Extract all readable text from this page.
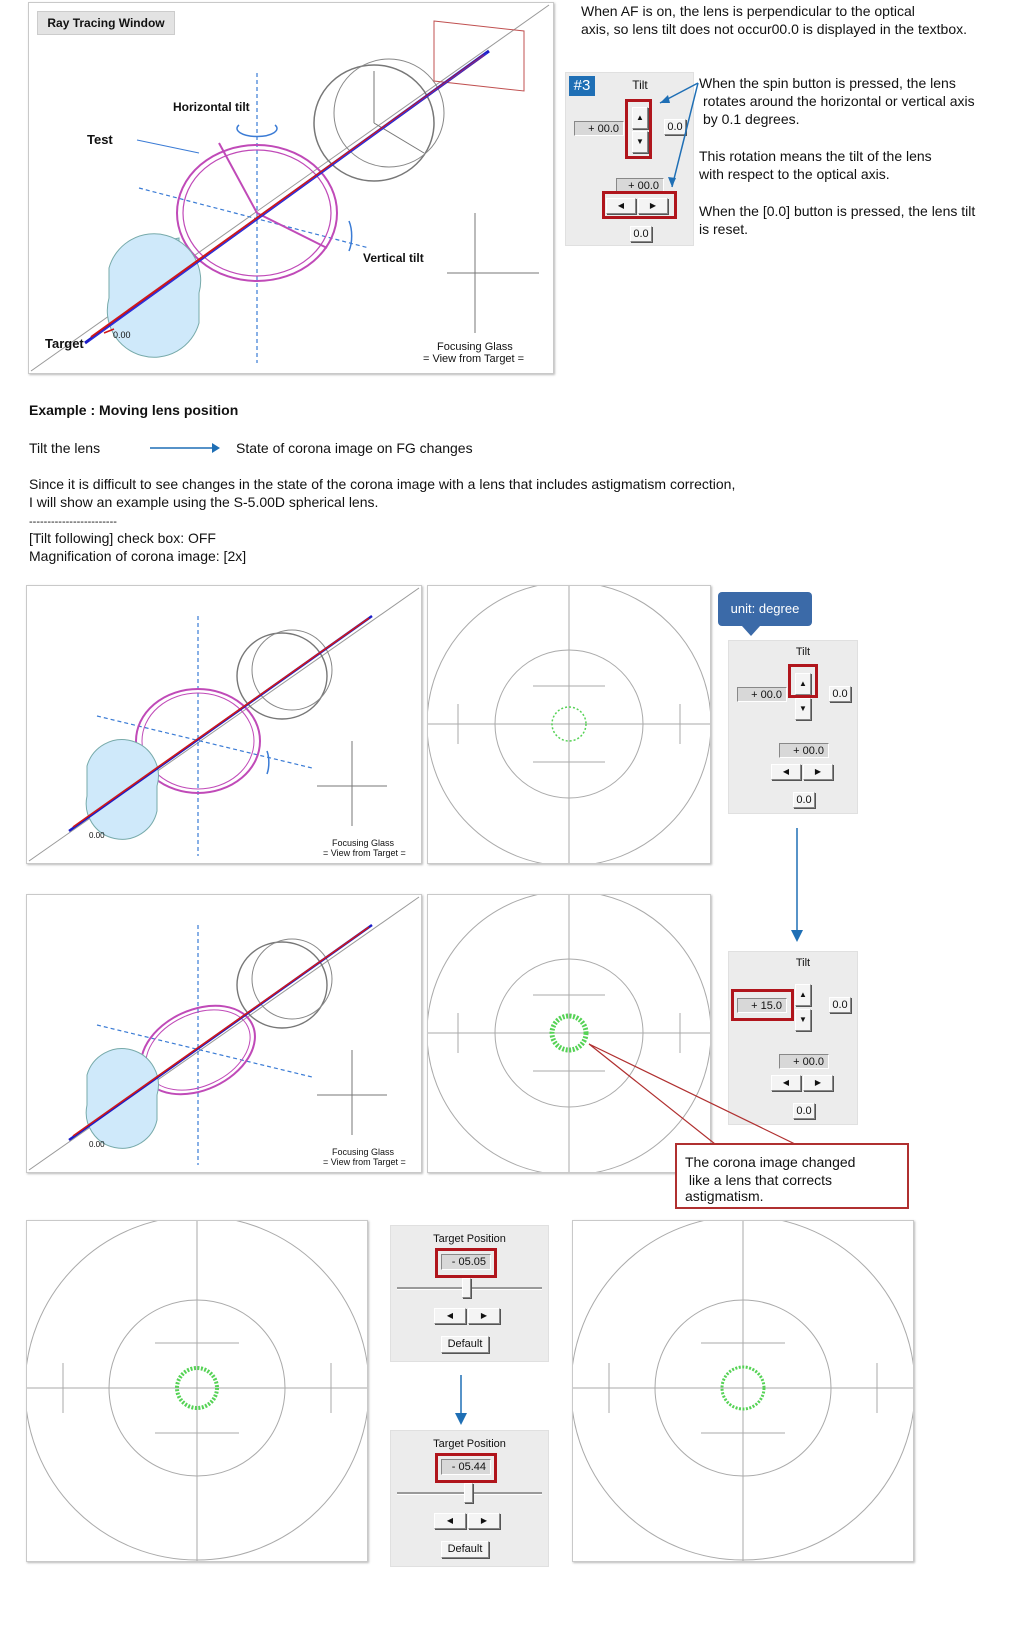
Ray Tracing Window
Horizontal tilt
Test
Vertical tilt
Target
0.00
Focusing Glass
= View from Target =
When AF is on, the lens is perpendicular to the optical
axis, so lens tilt does not occur00.0 is displayed in the textbox.
#3	Tilt
+ 00.0
▲
▼
0.0
+ 00.0
◀	▶
0.0
When the spin button is pressed, the lens
rotates around the horizontal or vertical axis
by 0.1 degrees.
This rotation means the tilt of the lens
with respect to the optical axis.
When the [0.0] button is pressed, the lens tilt
is reset.
Example : Moving lens position
Tilt the lens	State of corona image on FG changes
Since it is difficult to see changes in the state of the corona image with a lens that includes astigmatism correction,
I will show an example using the S-5.00D spherical lens.
------------------------
[Tilt following] check box: OFF
Magnification of corona image: [2x]
0.00
Focusing Glass
= View from Target =
unit: degree
Tilt
+ 00.0
▲
▼
0.0
+ 00.0
◀	▶
0.0
0.00
Focusing Glass
= View from Target =
Tilt
+ 15.0
▲
▼
0.0
+ 00.0
◀	▶
0.0
The corona image changed
like a lens that corrects
astigmatism.
Target Position
- 05.05
◀	▶
Default
Target Position
- 05.44
◀	▶
Default
